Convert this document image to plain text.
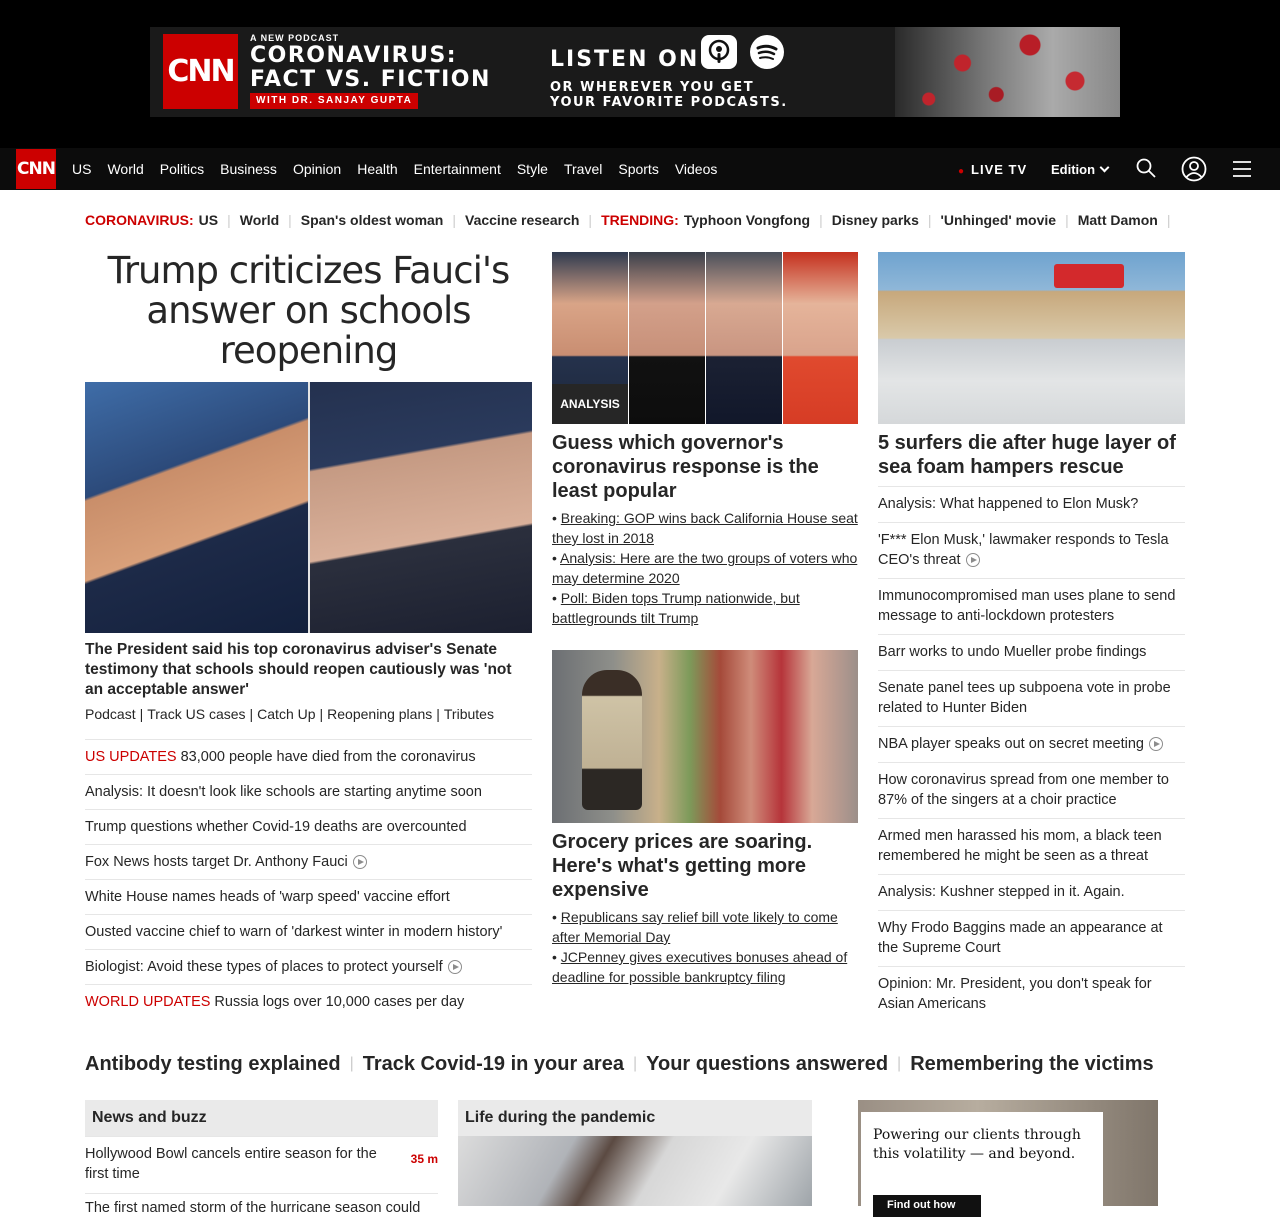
CNN
A NEW PODCAST
CORONAVIRUS:
FACT VS. FICTION
WITH DR. SANJAY GUPTA
LISTEN ON
OR WHEREVER YOU GET
YOUR FAVORITE PODCASTS.
CNN	US	World	Politics	Business	Opinion	Health	Entertainment	Style	Travel	Sports	Videos	● LIVE TV Edition
CORONAVIRUS: US | World | Span's oldest woman | Vaccine research | TRENDING: Typhoon Vongfong | Disney parks | 'Unhinged' movie | Matt Damon |
Trump criticizes Fauci's answer on schools reopening
The President said his top coronavirus adviser's Senate testimony that schools should reopen cautiously was 'not an acceptable answer'
Podcast | Track US cases | Catch Up | Reopening plans | Tributes
US UPDATES 83,000 people have died from the coronavirus
Analysis: It doesn't look like schools are starting anytime soon
Trump questions whether Covid-19 deaths are overcounted
Fox News hosts target Dr. Anthony Fauci
White House names heads of 'warp speed' vaccine effort
Ousted vaccine chief to warn of 'darkest winter in modern history'
Biologist: Avoid these types of places to protect yourself
WORLD UPDATES Russia logs over 10,000 cases per day
ANALYSIS
Guess which governor's coronavirus response is the least popular
• Breaking: GOP wins back California House seat they lost in 2018
• Analysis: Here are the two groups of voters who may determine 2020
• Poll: Biden tops Trump nationwide, but battlegrounds tilt Trump
Grocery prices are soaring. Here's what's getting more expensive
• Republicans say relief bill vote likely to come after Memorial Day
• JCPenney gives executives bonuses ahead of deadline for possible bankruptcy filing
5 surfers die after huge layer of sea foam hampers rescue
Analysis: What happened to Elon Musk?
'F*** Elon Musk,' lawmaker responds to Tesla CEO's threat
Immunocompromised man uses plane to send message to anti-lockdown protesters
Barr works to undo Mueller probe findings
Senate panel tees up subpoena vote in probe related to Hunter Biden
NBA player speaks out on secret meeting
How coronavirus spread from one member to 87% of the singers at a choir practice
Armed men harassed his mom, a black teen remembered he might be seen as a threat
Analysis: Kushner stepped in it. Again.
Why Frodo Baggins made an appearance at the Supreme Court
Opinion: Mr. President, you don't speak for Asian Americans
Antibody testing explained | Track Covid-19 in your area | Your questions answered | Remembering the victims
News and buzz
Hollywood Bowl cancels entire season for the first time
35 m
The first named storm of the hurricane season could
Life during the pandemic
Powering our clients through this volatility — and beyond.
Find out how
